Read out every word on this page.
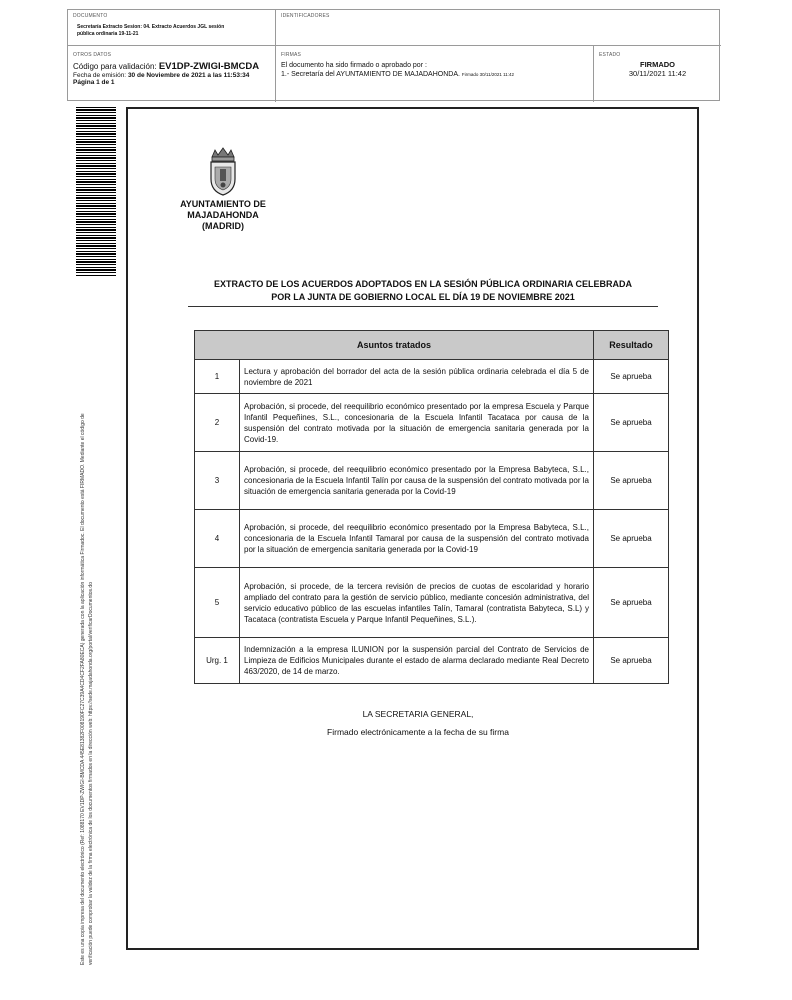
DOCUMENTO
Secretaría Extracto Sesion: 04. Extracto Acuerdos JGL sesión pública ordinaria 19-11-21
IDENTIFICADORES
OTROS DATOS
Código para validación: EV1DP-ZWIGI-BMCDA
Fecha de emisión: 30 de Noviembre de 2021 a las 11:53:34
Página 1 de 1
FIRMAS
El documento ha sido firmado o aprobado por :
1.- Secretaría del AYUNTAMIENTO DE MAJADAHONDA. Firmado 30/11/2021 11:42
ESTADO
FIRMADO
30/11/2021 11:42
Este es una copia impresa del documento electrónico (Ref: 1088170 EV1DP-ZWIGI-BMCDA 445E81382F008190FC27C39A4CD4CF2FA80ECA) generada con la aplicación informática Firmadoc. El documento está FIRMADO. Mediante el código de verificación puede comprobar la validez de la firma electrónica de los documentos firmados en la dirección web: https://sede.majadahonda.org/portal/verificarDocumentos.do
AYUNTAMIENTO DE
MAJADAHONDA
(MADRID)
EXTRACTO DE LOS ACUERDOS ADOPTADOS EN LA SESIÓN PÚBLICA ORDINARIA CELEBRADA
POR LA JUNTA DE GOBIERNO LOCAL EL DÍA 19 DE NOVIEMBRE 2021
Asuntos tratados		Resultado
1	Lectura y aprobación del borrador del acta de la sesión pública ordinaria celebrada el día 5 de noviembre de 2021	Se aprueba
2	Aprobación, si procede, del reequilibrio económico presentado por la empresa Escuela y Parque Infantil Pequeñines, S.L., concesionaria de la Escuela Infantil Tacataca por causa de la suspensión del contrato motivada por la situación de emergencia sanitaria generada por la Covid-19.	Se aprueba
3	Aprobación, si procede, del reequilibrio económico presentado por la Empresa Babyteca, S.L., concesionaria de la Escuela Infantil Talín por causa de la suspensión del contrato motivada por la situación de emergencia sanitaria generada por la Covid-19	Se aprueba
4	Aprobación, si procede, del reequilibrio económico presentado por la Empresa Babyteca, S.L., concesionaria de la Escuela Infantil Tamaral por causa de la suspensión del contrato motivada por la situación de emergencia sanitaria generada por la Covid-19	Se aprueba
5	Aprobación, si procede, de la tercera revisión de precios de cuotas de escolaridad y horario ampliado del contrato para la gestión de servicio público, mediante concesión administrativa, del servicio educativo público de las escuelas infantiles Talín, Tamaral (contratista Babyteca, S.L) y Tacataca (contratista Escuela y Parque Infantil Pequeñines, S.L.).	Se aprueba
Urg. 1	Indemnización a la empresa ILUNION por la suspensión parcial del Contrato de Servicios de Limpieza de Edificios Municipales durante el estado de alarma declarado mediante Real Decreto 463/2020, de 14 de marzo.	Se aprueba
LA SECRETARIA GENERAL,
Firmado electrónicamente a la fecha de su firma
